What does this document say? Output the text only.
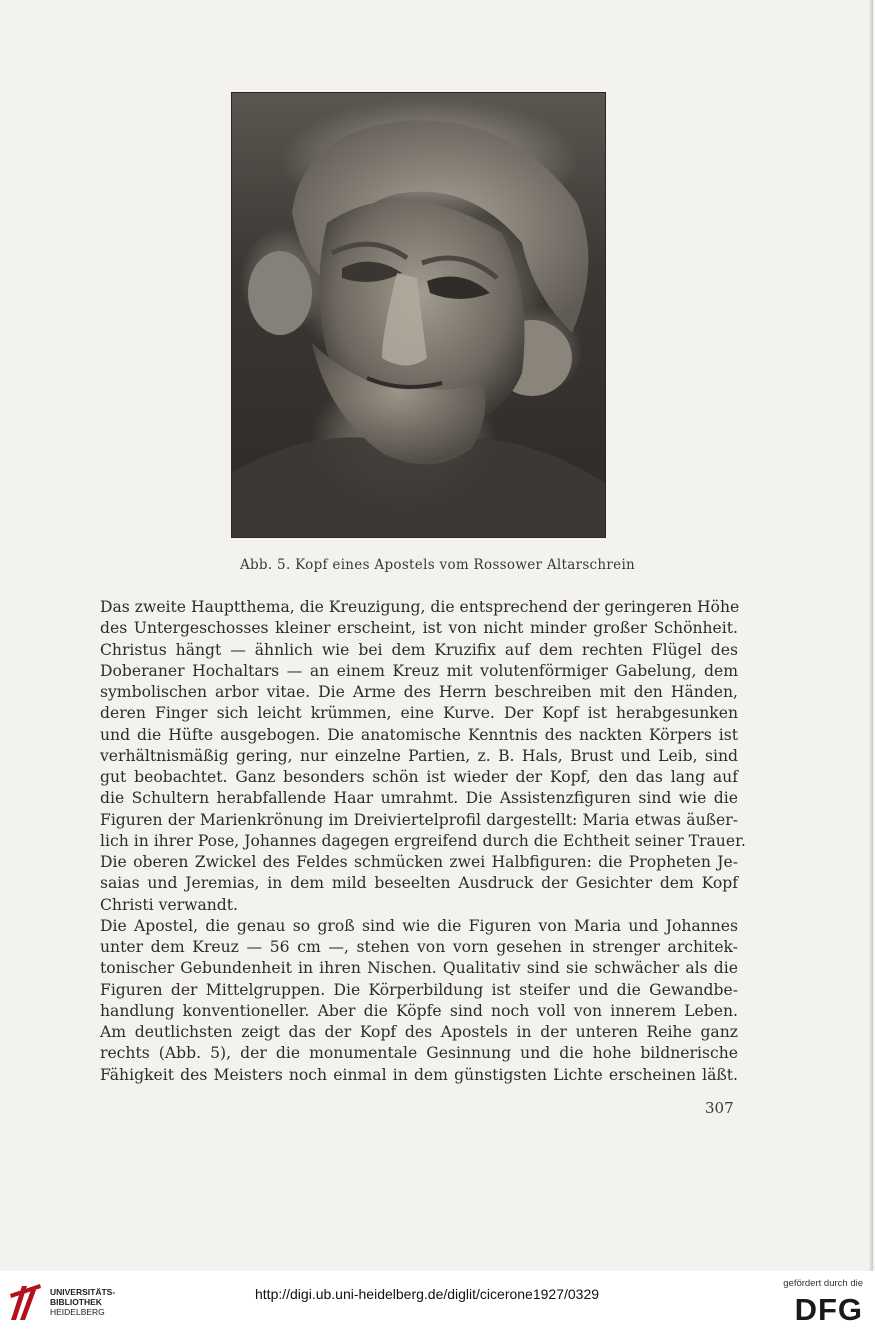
Abb. 5. Kopf eines Apostels vom Rossower Altarschrein
Das zweite Hauptthema, die Kreuzigung, die entsprechend der geringeren Höhe
des Untergeschosses kleiner erscheint, ist von nicht minder großer Schönheit.
Christus hängt — ähnlich wie bei dem Kruzifix auf dem rechten Flügel des
Doberaner Hochaltars — an einem Kreuz mit volutenförmiger Gabelung, dem
symbolischen arbor vitae. Die Arme des Herrn beschreiben mit den Händen,
deren Finger sich leicht krümmen, eine Kurve. Der Kopf ist herabgesunken
und die Hüfte ausgebogen. Die anatomische Kenntnis des nackten Körpers ist
verhältnismäßig gering, nur einzelne Partien, z. B. Hals, Brust und Leib, sind
gut beobachtet. Ganz besonders schön ist wieder der Kopf, den das lang auf
die Schultern herabfallende Haar umrahmt. Die Assistenzfiguren sind wie die
Figuren der Marienkrönung im Dreiviertelprofil dargestellt: Maria etwas äußer-
lich in ihrer Pose, Johannes dagegen ergreifend durch die Echtheit seiner Trauer.
Die oberen Zwickel des Feldes schmücken zwei Halbfiguren: die Propheten Je-
saias und Jeremias, in dem mild beseelten Ausdruck der Gesichter dem Kopf
Christi verwandt.
Die Apostel, die genau so groß sind wie die Figuren von Maria und Johannes
unter dem Kreuz — 56 cm —, stehen von vorn gesehen in strenger architek-
tonischer Gebundenheit in ihren Nischen. Qualitativ sind sie schwächer als die
Figuren der Mittelgruppen. Die Körperbildung ist steifer und die Gewandbe-
handlung konventioneller. Aber die Köpfe sind noch voll von innerem Leben.
Am deutlichsten zeigt das der Kopf des Apostels in der unteren Reihe ganz
rechts (Abb. 5), der die monumentale Gesinnung und die hohe bildnerische
Fähigkeit des Meisters noch einmal in dem günstigsten Lichte erscheinen läßt.
307
UNIVERSITÄTS-
BIBLIOTHEK
HEIDELBERG
http://digi.ub.uni-heidelberg.de/diglit/cicerone1927/0329
gefördert durch die
DFG
